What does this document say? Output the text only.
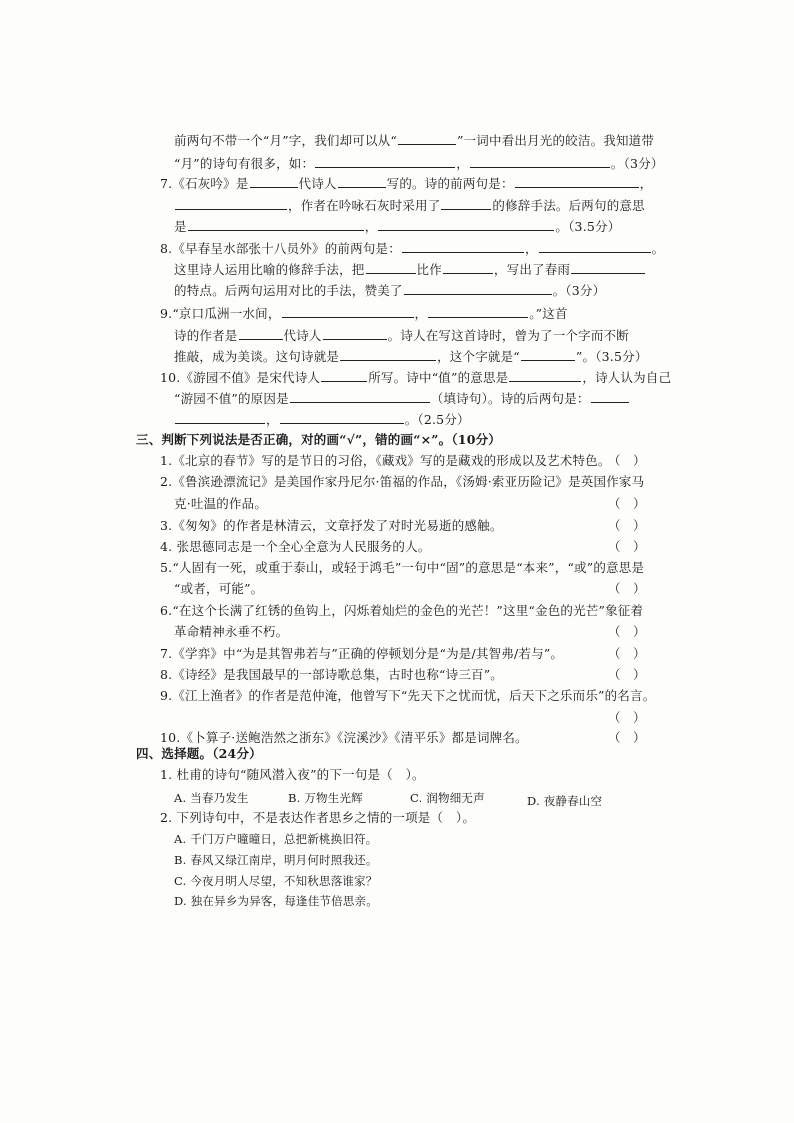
前两句不带一个“月”字，我们却可以从“	”一词中看出月光的皎洁。我知道带
“月”的诗句有很多，如：	，	。（3分）
7.《石灰吟》是	代诗人	写的。诗的前两句是：	，
，作者在吟咏石灰时采用了	的修辞手法。后两句的意思
是	，	。（3.5分）
8.《早春呈水部张十八员外》的前两句是：	，	。
这里诗人运用比喻的修辞手法，把	比作	，写出了春雨
的特点。后两句运用对比的手法，赞美了	。（3分）
9.“京口瓜洲一水间，	，	。”这首
诗的作者是	代诗人	。诗人在写这首诗时，曾为了一个字而不断
推敲，成为美谈。这句诗就是	，这个字就是“	”。（3.5分）
10.《游园不值》是宋代诗人	所写。诗中“值”的意思是	，诗人认为自己
“游园不值”的原因是	（填诗句）。诗的后两句是：
，	。（2.5分）
三、判断下列说法是否正确，对的画“√”，错的画“×”。（10分）
1.《北京的春节》写的是节日的习俗，《藏戏》写的是藏戏的形成以及艺术特色。
（　）
2.《鲁滨逊漂流记》是美国作家丹尼尔·笛福的作品，《汤姆·索亚历险记》是英国作家马
克·吐温的作品。	（　）
3.《匆匆》的作者是林清云，文章抒发了对时光易逝的感触。	（　）
4. 张思德同志是一个全心全意为人民服务的人。	（　）
5.“人固有一死，或重于泰山，或轻于鸿毛”一句中“固”的意思是“本来”，“或”的意思是
“或者，可能”。	（　）
6.“在这个长满了红锈的鱼钩上，闪烁着灿烂的金色的光芒！”这里“金色的光芒”象征着
革命精神永垂不朽。	（　）
7.《学弈》中“为是其智弗若与”正确的停顿划分是“为是/其智弗/若与”。	（　）
8.《诗经》是我国最早的一部诗歌总集，古时也称“诗三百”。	（　）
9.《江上渔者》的作者是范仲淹，他曾写下“先天下之忧而忧，后天下之乐而乐”的名言。
（　）
10.《卜算子·送鲍浩然之浙东》《浣溪沙》《清平乐》都是词牌名。	（　）
四、选择题。（24分）
1. 杜甫的诗句“随风潜入夜”的下一句是（　）。
A. 当春乃发生	B. 万物生光辉	C. 润物细无声	D. 夜静春山空
2. 下列诗句中，不是表达作者思乡之情的一项是（　）。
A. 千门万户曈曈日，总把新桃换旧符。
B. 春风又绿江南岸，明月何时照我还。
C. 今夜月明人尽望，不知秋思落谁家？
D. 独在异乡为异客，每逢佳节倍思亲。
